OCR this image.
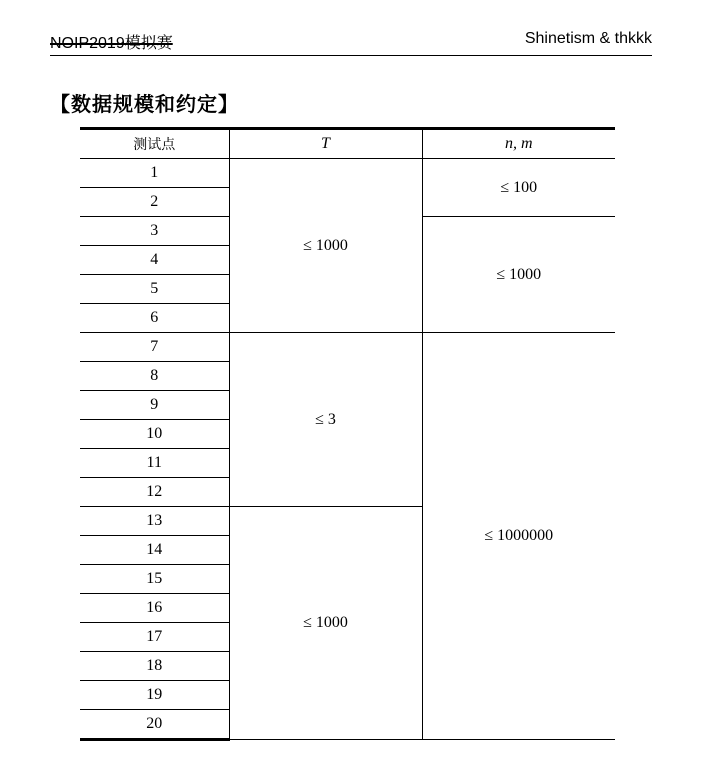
NOIP2019模拟赛	Shinetism & thkkk
【数据规模和约定】
测试点	T	n, m
1	≤ 1000	≤ 100
2		
3		≤ 1000
4		
5		
6		
7	≤ 3	≤ 1000000
8		
9		
10		
11		
12		
13	≤ 1000	
14		
15		
16		
17		
18		
19		
20		
